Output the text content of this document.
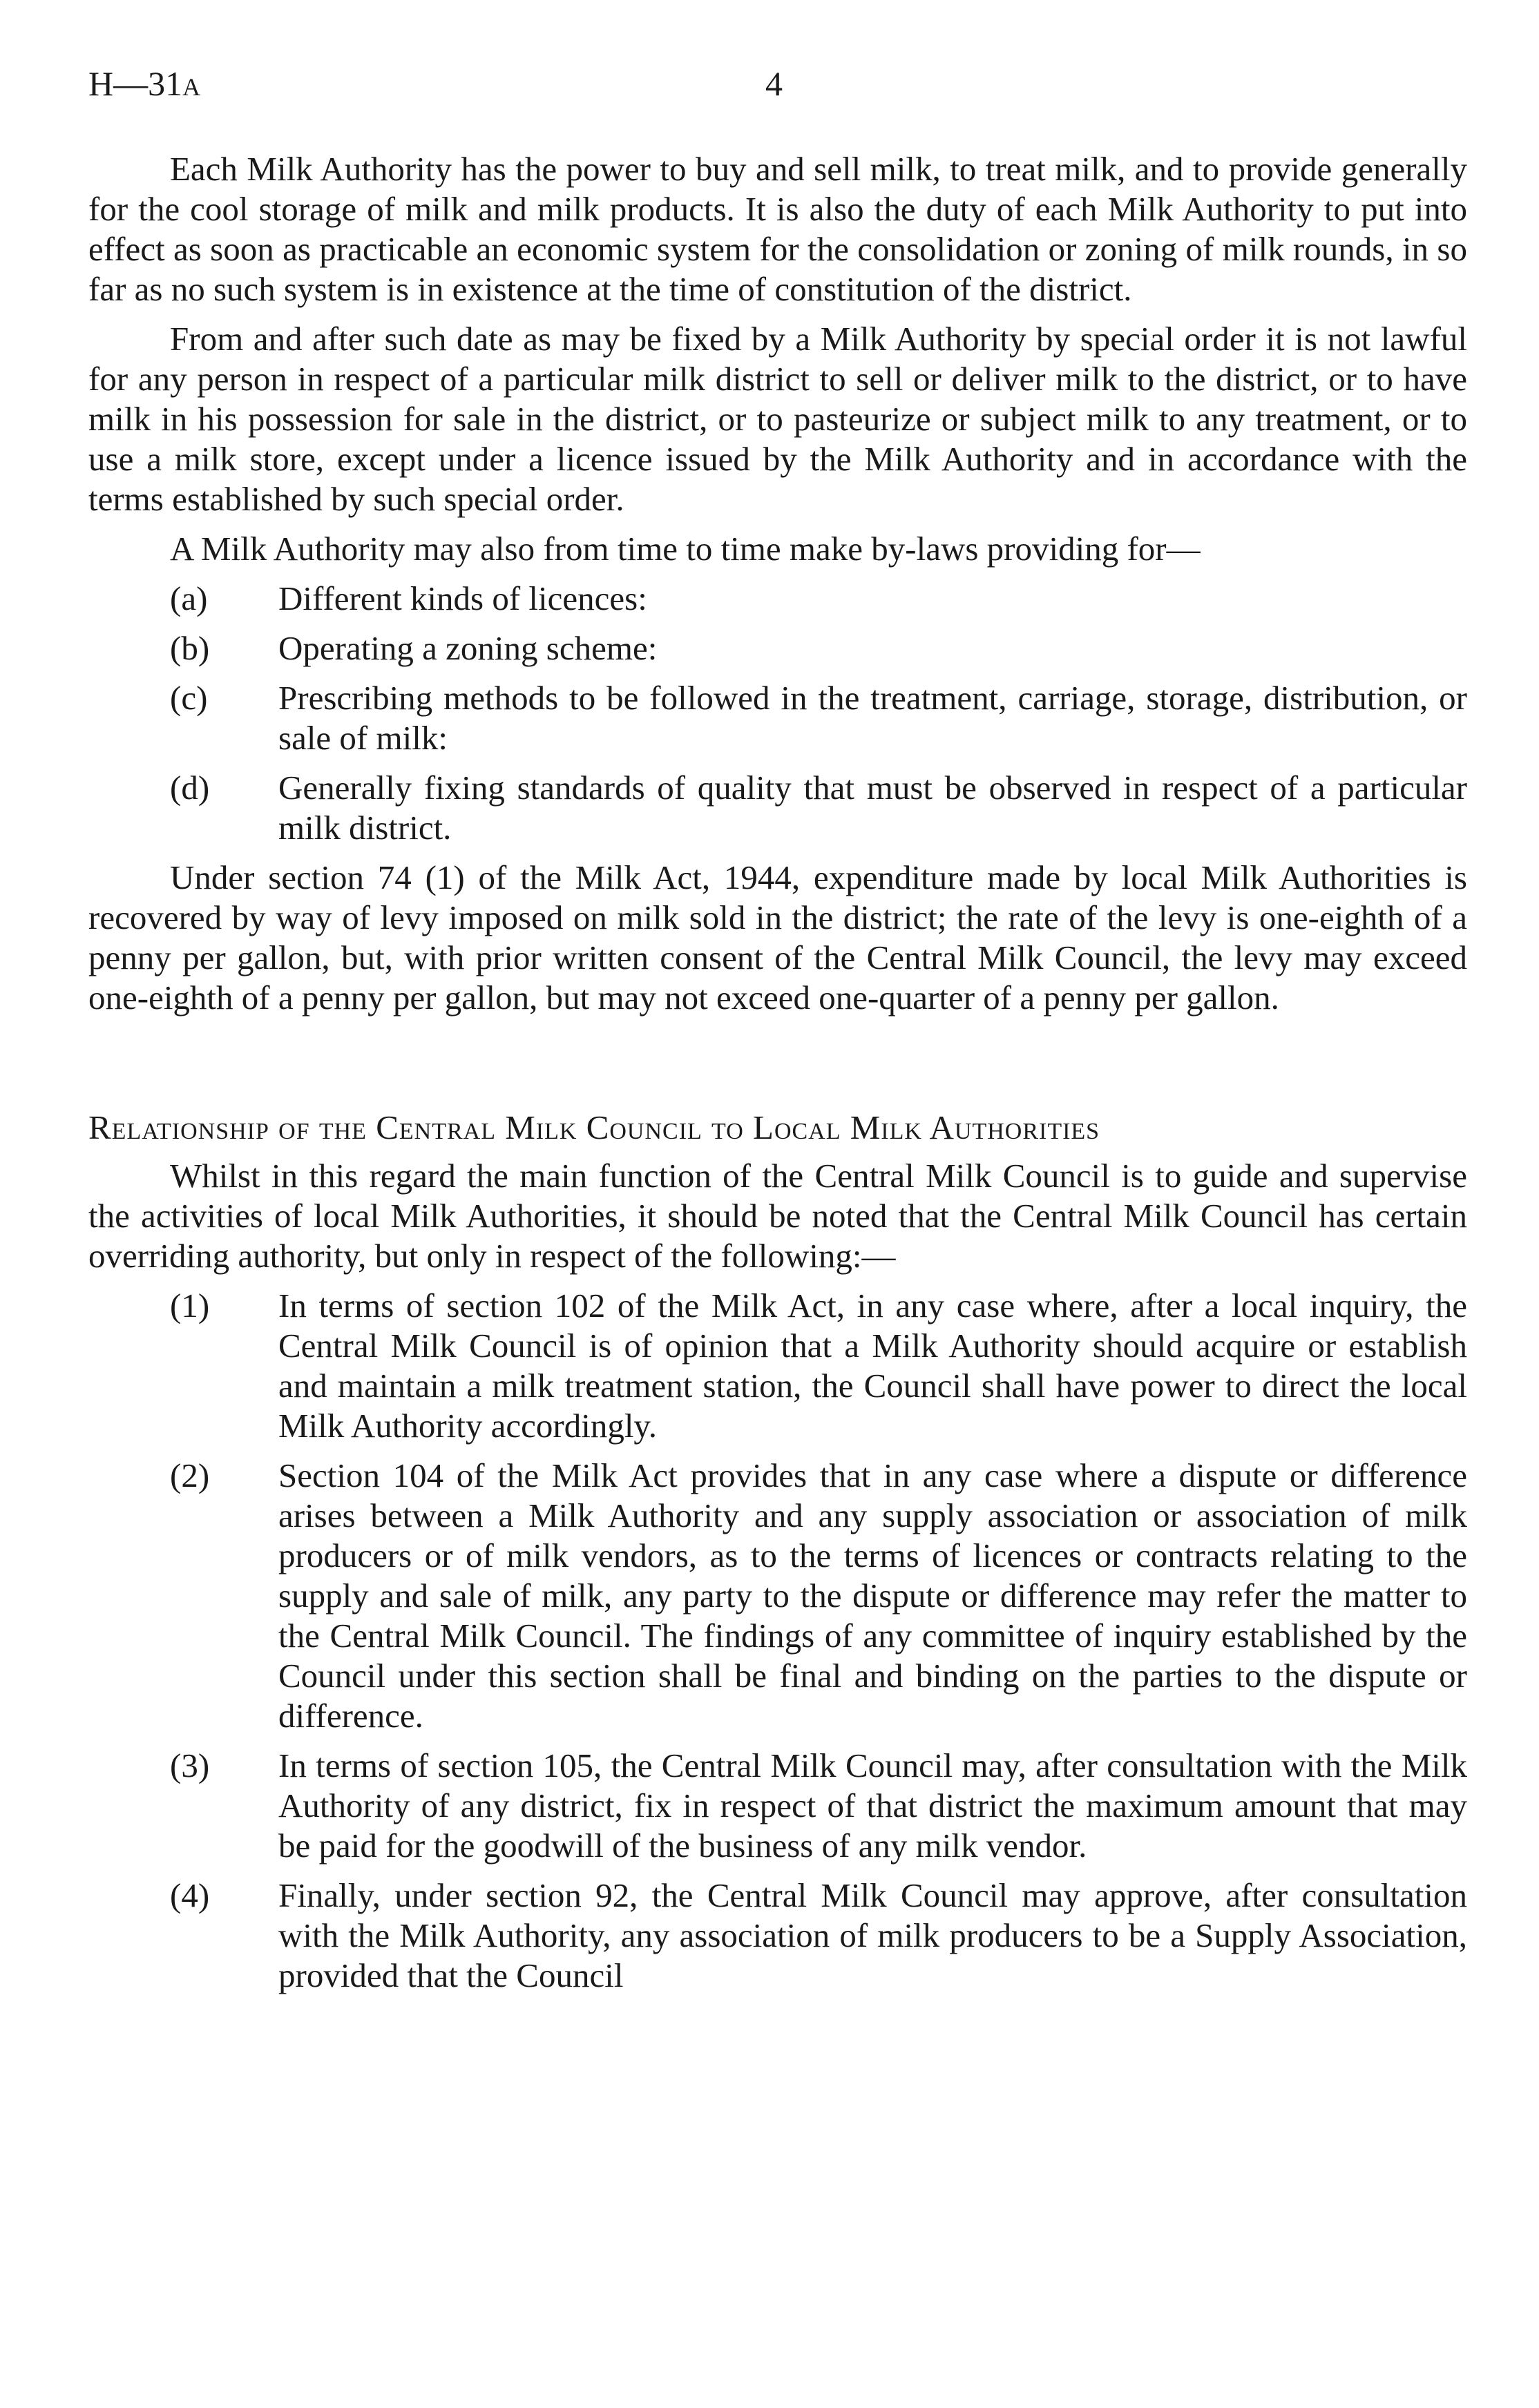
H—31A	4

Each Milk Authority has the power to buy and sell milk, to treat milk, and to provide generally for the cool storage of milk and milk products. It is also the duty of each Milk Authority to put into effect as soon as practicable an economic system for the consolidation or zoning of milk rounds, in so far as no such system is in existence at the time of constitution of the district.

From and after such date as may be fixed by a Milk Authority by special order it is not lawful for any person in respect of a particular milk district to sell or deliver milk to the district, or to have milk in his possession for sale in the district, or to pasteurize or subject milk to any treatment, or to use a milk store, except under a licence issued by the Milk Authority and in accordance with the terms established by such special order.

A Milk Authority may also from time to time make by-laws providing for—

(a)	Different kinds of licences:
(b)	Operating a zoning scheme:
(c)	Prescribing methods to be followed in the treatment, carriage, storage, distribution, or sale of milk:
(d)	Generally fixing standards of quality that must be observed in respect of a particular milk district.

Under section 74 (1) of the Milk Act, 1944, expenditure made by local Milk Authorities is recovered by way of levy imposed on milk sold in the district; the rate of the levy is one-eighth of a penny per gallon, but, with prior written consent of the Central Milk Council, the levy may exceed one-eighth of a penny per gallon, but may not exceed one-quarter of a penny per gallon.

Relationship of the Central Milk Council to Local Milk Authorities

Whilst in this regard the main function of the Central Milk Council is to guide and supervise the activities of local Milk Authorities, it should be noted that the Central Milk Council has certain overriding authority, but only in respect of the following:—

(1)	In terms of section 102 of the Milk Act, in any case where, after a local inquiry, the Central Milk Council is of opinion that a Milk Authority should acquire or establish and maintain a milk treatment station, the Council shall have power to direct the local Milk Authority accordingly.
(2)	Section 104 of the Milk Act provides that in any case where a dispute or difference arises between a Milk Authority and any supply association or association of milk producers or of milk vendors, as to the terms of licences or contracts relating to the supply and sale of milk, any party to the dispute or difference may refer the matter to the Central Milk Council. The findings of any committee of inquiry established by the Council under this section shall be final and binding on the parties to the dispute or difference.
(3)	In terms of section 105, the Central Milk Council may, after consultation with the Milk Authority of any district, fix in respect of that district the maximum amount that may be paid for the goodwill of the business of any milk vendor.
(4)	Finally, under section 92, the Central Milk Council may approve, after consultation with the Milk Authority, any association of milk producers to be a Supply Association, provided that the Council
